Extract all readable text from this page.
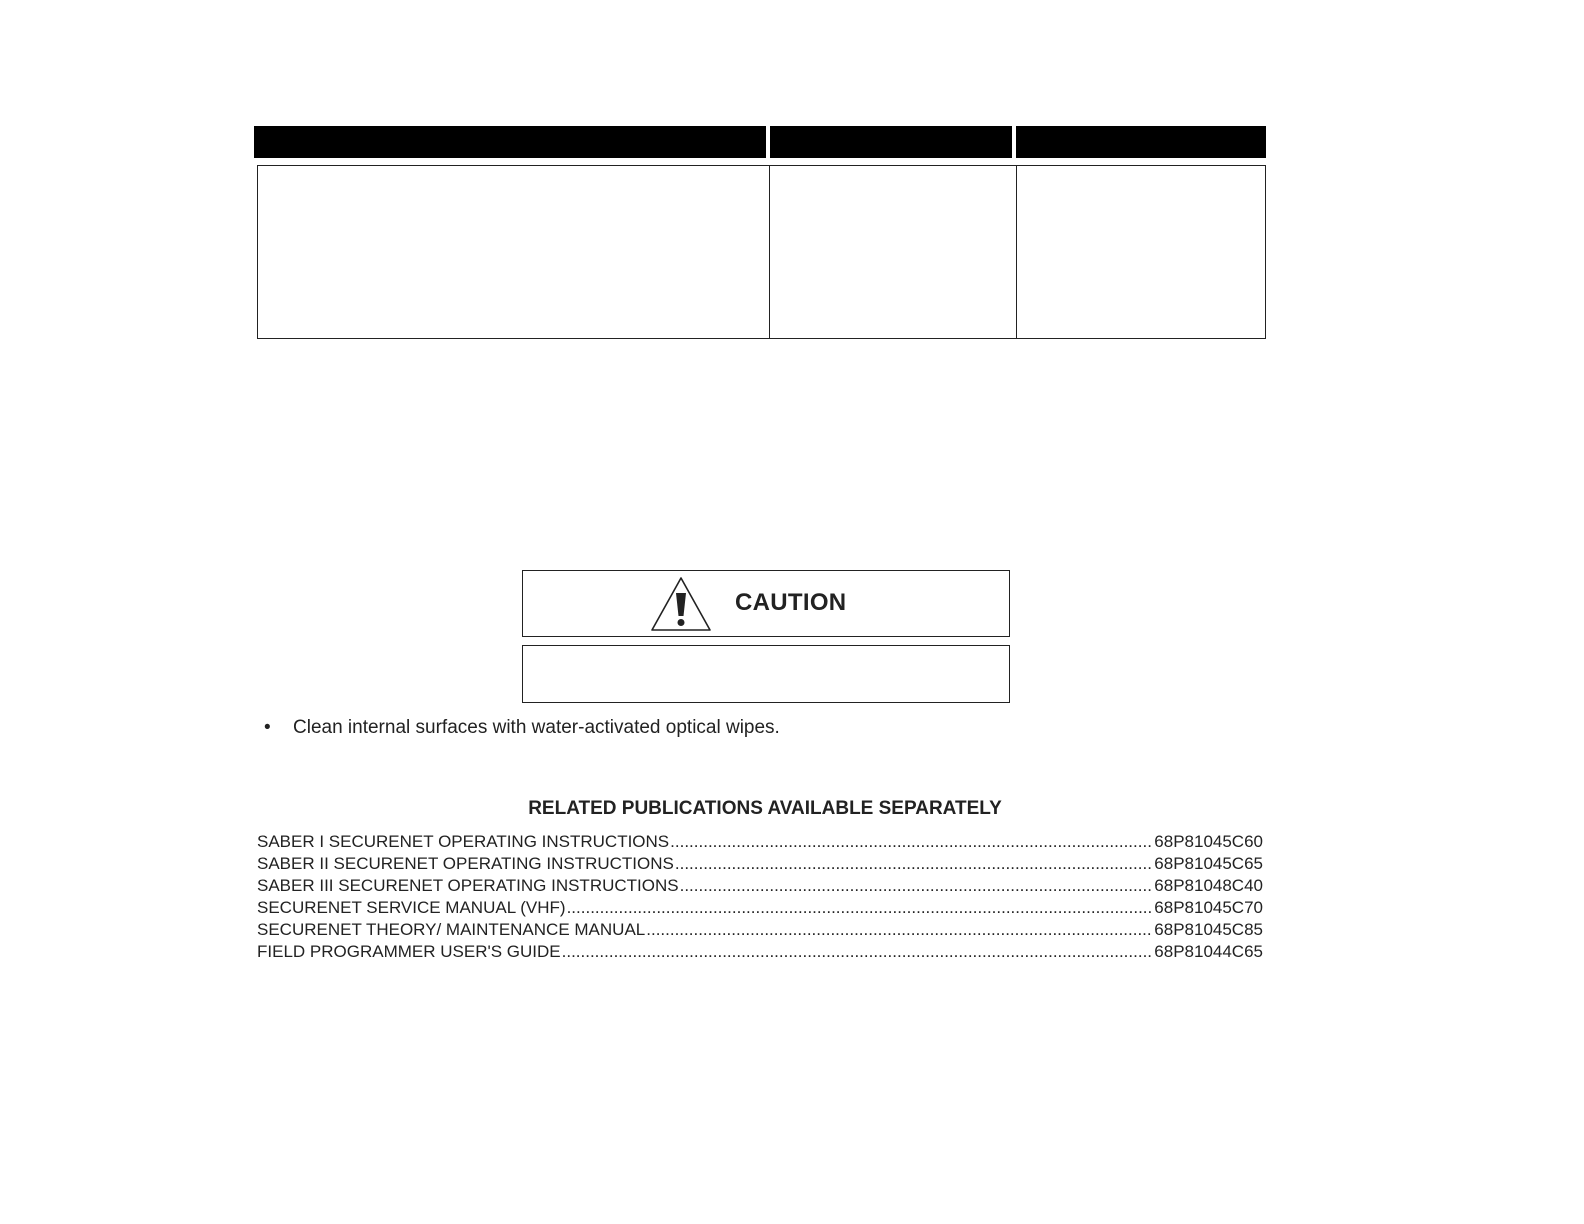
CAUTION
•	Clean internal surfaces with water-activated optical wipes.
RELATED PUBLICATIONS AVAILABLE SEPARATELY
SABER I SECURENET OPERATING INSTRUCTIONS .....	68P81045C60
SABER II SECURENET OPERATING INSTRUCTIONS .....	68P81045C65
SABER III SECURENET OPERATING INSTRUCTIONS .....	68P81048C40
SECURENET SERVICE MANUAL (VHF) .....	68P81045C70
SECURENET THEORY/ MAINTENANCE MANUAL .....	68P81045C85
FIELD PROGRAMMER USER'S GUIDE .....	68P81044C65
